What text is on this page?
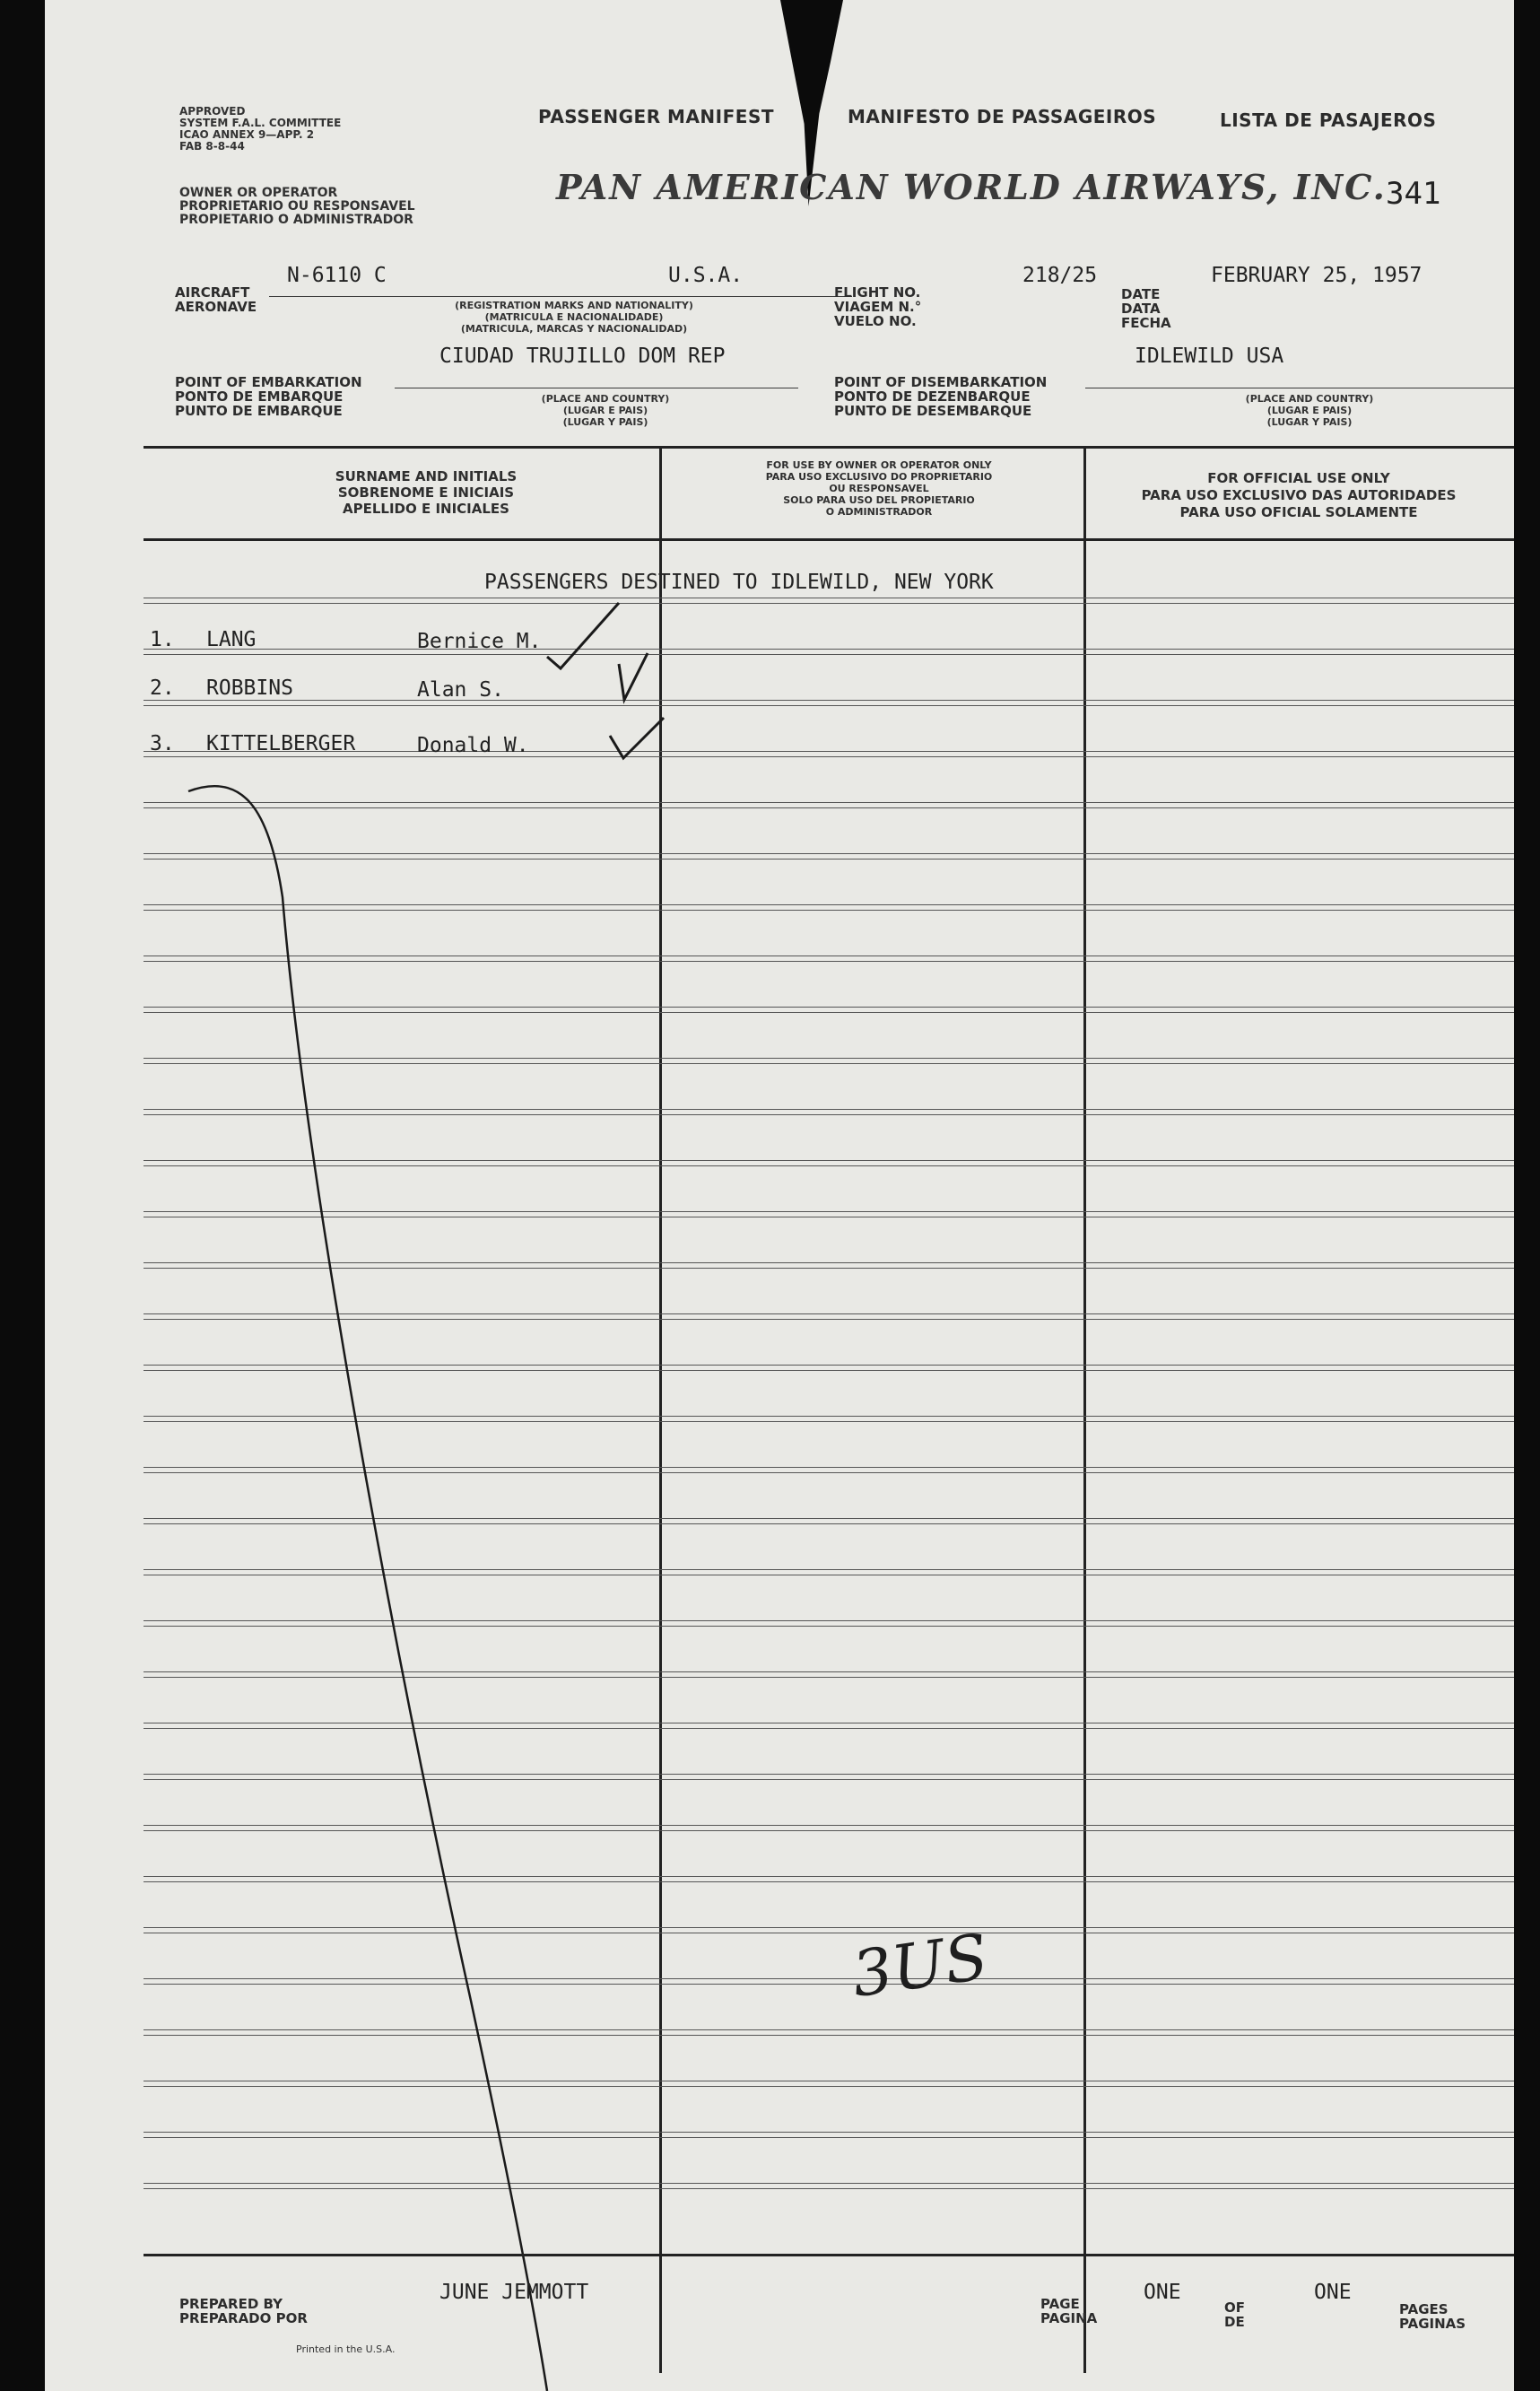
APPROVED
SYSTEM F.A.L. COMMITTEE
ICAO ANNEX 9—APP. 2
FAB 8-8-44
PASSENGER MANIFEST	MANIFESTO DE PASSAGEIROS	LISTA DE PASAJEROS
OWNER OR OPERATOR
PROPRIETARIO OU RESPONSAVEL
PROPIETARIO O ADMINISTRADOR
PAN AMERICAN WORLD AIRWAYS, INC. 341
AIRCRAFT
AERONAVE
N-6110 C	U.S.A.
(REGISTRATION MARKS AND NATIONALITY)
(MATRICULA E NACIONALIDADE)
(MATRICULA, MARCAS Y NACIONALIDAD)
FLIGHT NO.
VIAGEM N.°
VUELO NO.
218/25
DATE
DATA
FECHA
FEBRUARY 25, 1957
POINT OF EMBARKATION
PONTO DE EMBARQUE
PUNTO DE EMBARQUE
CIUDAD TRUJILLO DOM REP
(PLACE AND COUNTRY)
(LUGAR E PAIS)
(LUGAR Y PAIS)
POINT OF DISEMBARKATION
PONTO DE DEZENBARQUE
PUNTO DE DESEMBARQUE
IDLEWILD USA
(PLACE AND COUNTRY)
(LUGAR E PAIS)
(LUGAR Y PAIS)
SURNAME AND INITIALS
SOBRENOME E INICIAIS
APELLIDO E INICIALES
FOR USE BY OWNER OR OPERATOR ONLY
PARA USO EXCLUSIVO DO PROPRIETARIO
OU RESPONSAVEL
SOLO PARA USO DEL PROPIETARIO
O ADMINISTRADOR
FOR OFFICIAL USE ONLY
PARA USO EXCLUSIVO DAS AUTORIDADES
PARA USO OFICIAL SOLAMENTE
PASSENGERS DESTINED TO IDLEWILD, NEW YORK
1. LANG	Bernice M.
2. ROBBINS	Alan S.
3. KITTELBERGER	Donald W.
3US
PREPARED BY
PREPARADO POR
JUNE JEMMOTT	PAGE
PAGINA
ONE
OF
DE
ONE
PAGES
PAGINAS
Printed in the U.S.A.
